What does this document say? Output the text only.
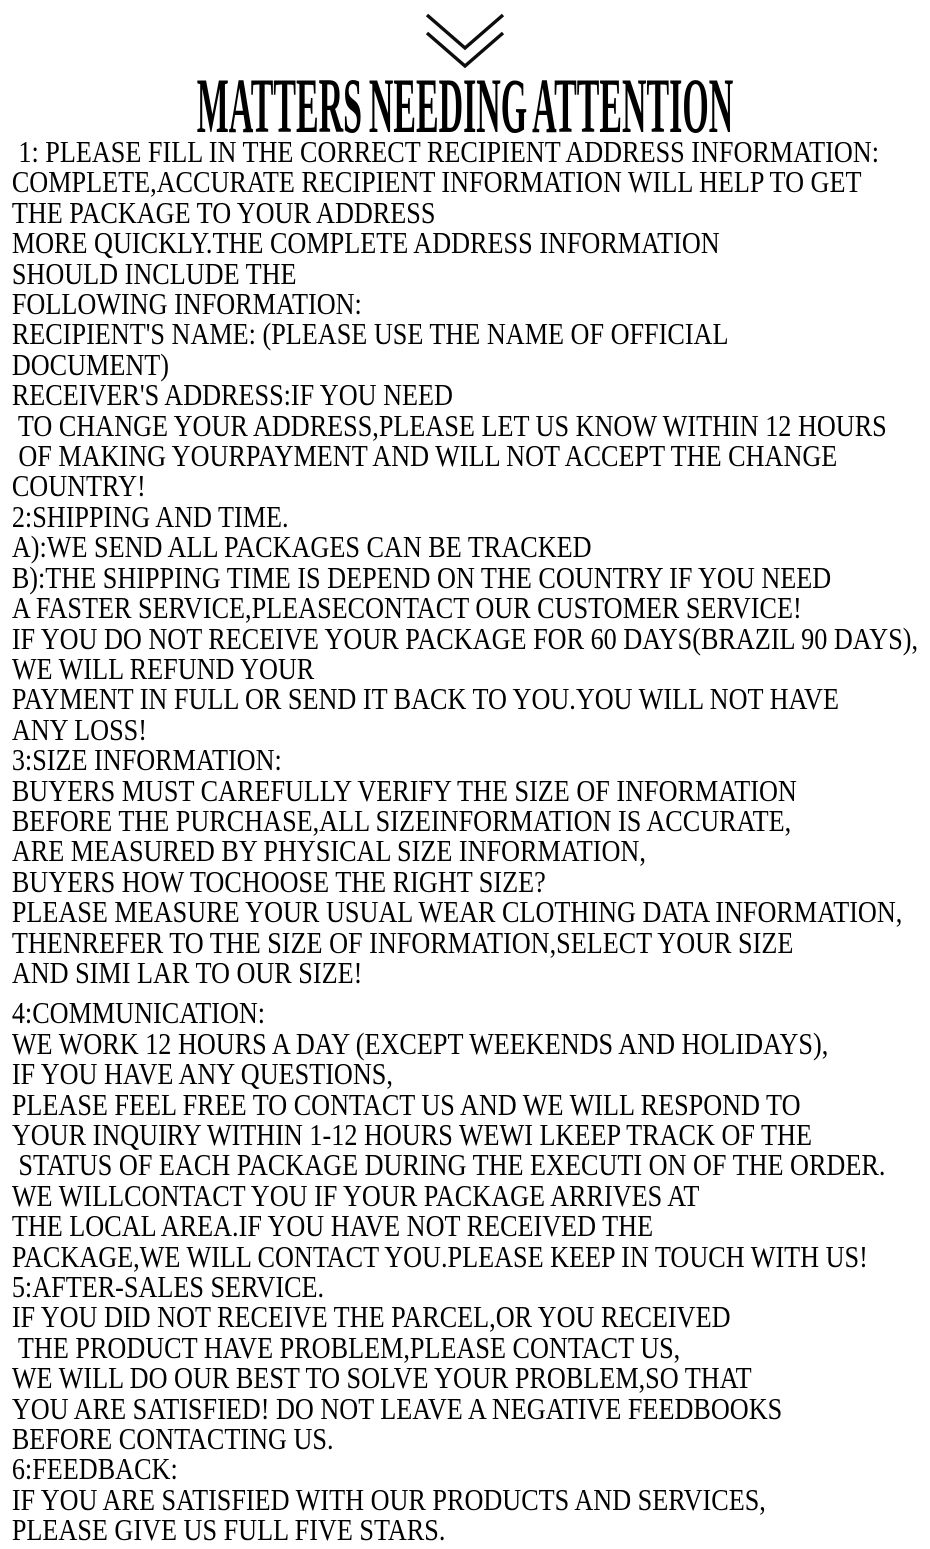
MATTERS NEEDING ATTENTION
1: PLEASE FILL IN THE CORRECT RECIPIENT ADDRESS INFORMATION:
COMPLETE,ACCURATE RECIPIENT INFORMATION WILL HELP TO GET
THE PACKAGE TO YOUR ADDRESS
MORE QUICKLY.THE COMPLETE ADDRESS INFORMATION
SHOULD INCLUDE THE
FOLLOWING INFORMATION:
RECIPIENT'S NAME: (PLEASE USE THE NAME OF OFFICIAL
DOCUMENT)
RECEIVER'S ADDRESS:IF YOU NEED
TO CHANGE YOUR ADDRESS,PLEASE LET US KNOW WITHIN 12 HOURS
OF MAKING YOURPAYMENT AND WILL NOT ACCEPT THE CHANGE
COUNTRY!
2:SHIPPING AND TIME.
A):WE SEND ALL PACKAGES CAN BE TRACKED
B):THE SHIPPING TIME IS DEPEND ON THE COUNTRY IF YOU NEED
A FASTER SERVICE,PLEASECONTACT OUR CUSTOMER SERVICE!
IF YOU DO NOT RECEIVE YOUR PACKAGE FOR 60 DAYS(BRAZIL 90 DAYS),
WE WILL REFUND YOUR
PAYMENT IN FULL OR SEND IT BACK TO YOU.YOU WILL NOT HAVE
ANY LOSS!
3:SIZE INFORMATION:
BUYERS MUST CAREFULLY VERIFY THE SIZE OF INFORMATION
BEFORE THE PURCHASE,ALL SIZEINFORMATION IS ACCURATE,
ARE MEASURED BY PHYSICAL SIZE INFORMATION,
BUYERS HOW TOCHOOSE THE RIGHT SIZE?
PLEASE MEASURE YOUR USUAL WEAR CLOTHING DATA INFORMATION,
THENREFER TO THE SIZE OF INFORMATION,SELECT YOUR SIZE
AND SIMI LAR TO OUR SIZE!
4:COMMUNICATION:
WE WORK 12 HOURS A DAY (EXCEPT WEEKENDS AND HOLIDAYS),
IF YOU HAVE ANY QUESTIONS,
PLEASE FEEL FREE TO CONTACT US AND WE WILL RESPOND TO
YOUR INQUIRY WITHIN 1-12 HOURS WEWI LKEEP TRACK OF THE
STATUS OF EACH PACKAGE DURING THE EXECUTI ON OF THE ORDER.
WE WILLCONTACT YOU IF YOUR PACKAGE ARRIVES AT
THE LOCAL AREA.IF YOU HAVE NOT RECEIVED THE
PACKAGE,WE WILL CONTACT YOU.PLEASE KEEP IN TOUCH WITH US!
5:AFTER-SALES SERVICE.
IF YOU DID NOT RECEIVE THE PARCEL,OR YOU RECEIVED
THE PRODUCT HAVE PROBLEM,PLEASE CONTACT US,
WE WILL DO OUR BEST TO SOLVE YOUR PROBLEM,SO THAT
YOU ARE SATISFIED! DO NOT LEAVE A NEGATIVE FEEDBOOKS
BEFORE CONTACTING US.
6:FEEDBACK:
IF YOU ARE SATISFIED WITH OUR PRODUCTS AND SERVICES,
PLEASE GIVE US FULL FIVE STARS.
